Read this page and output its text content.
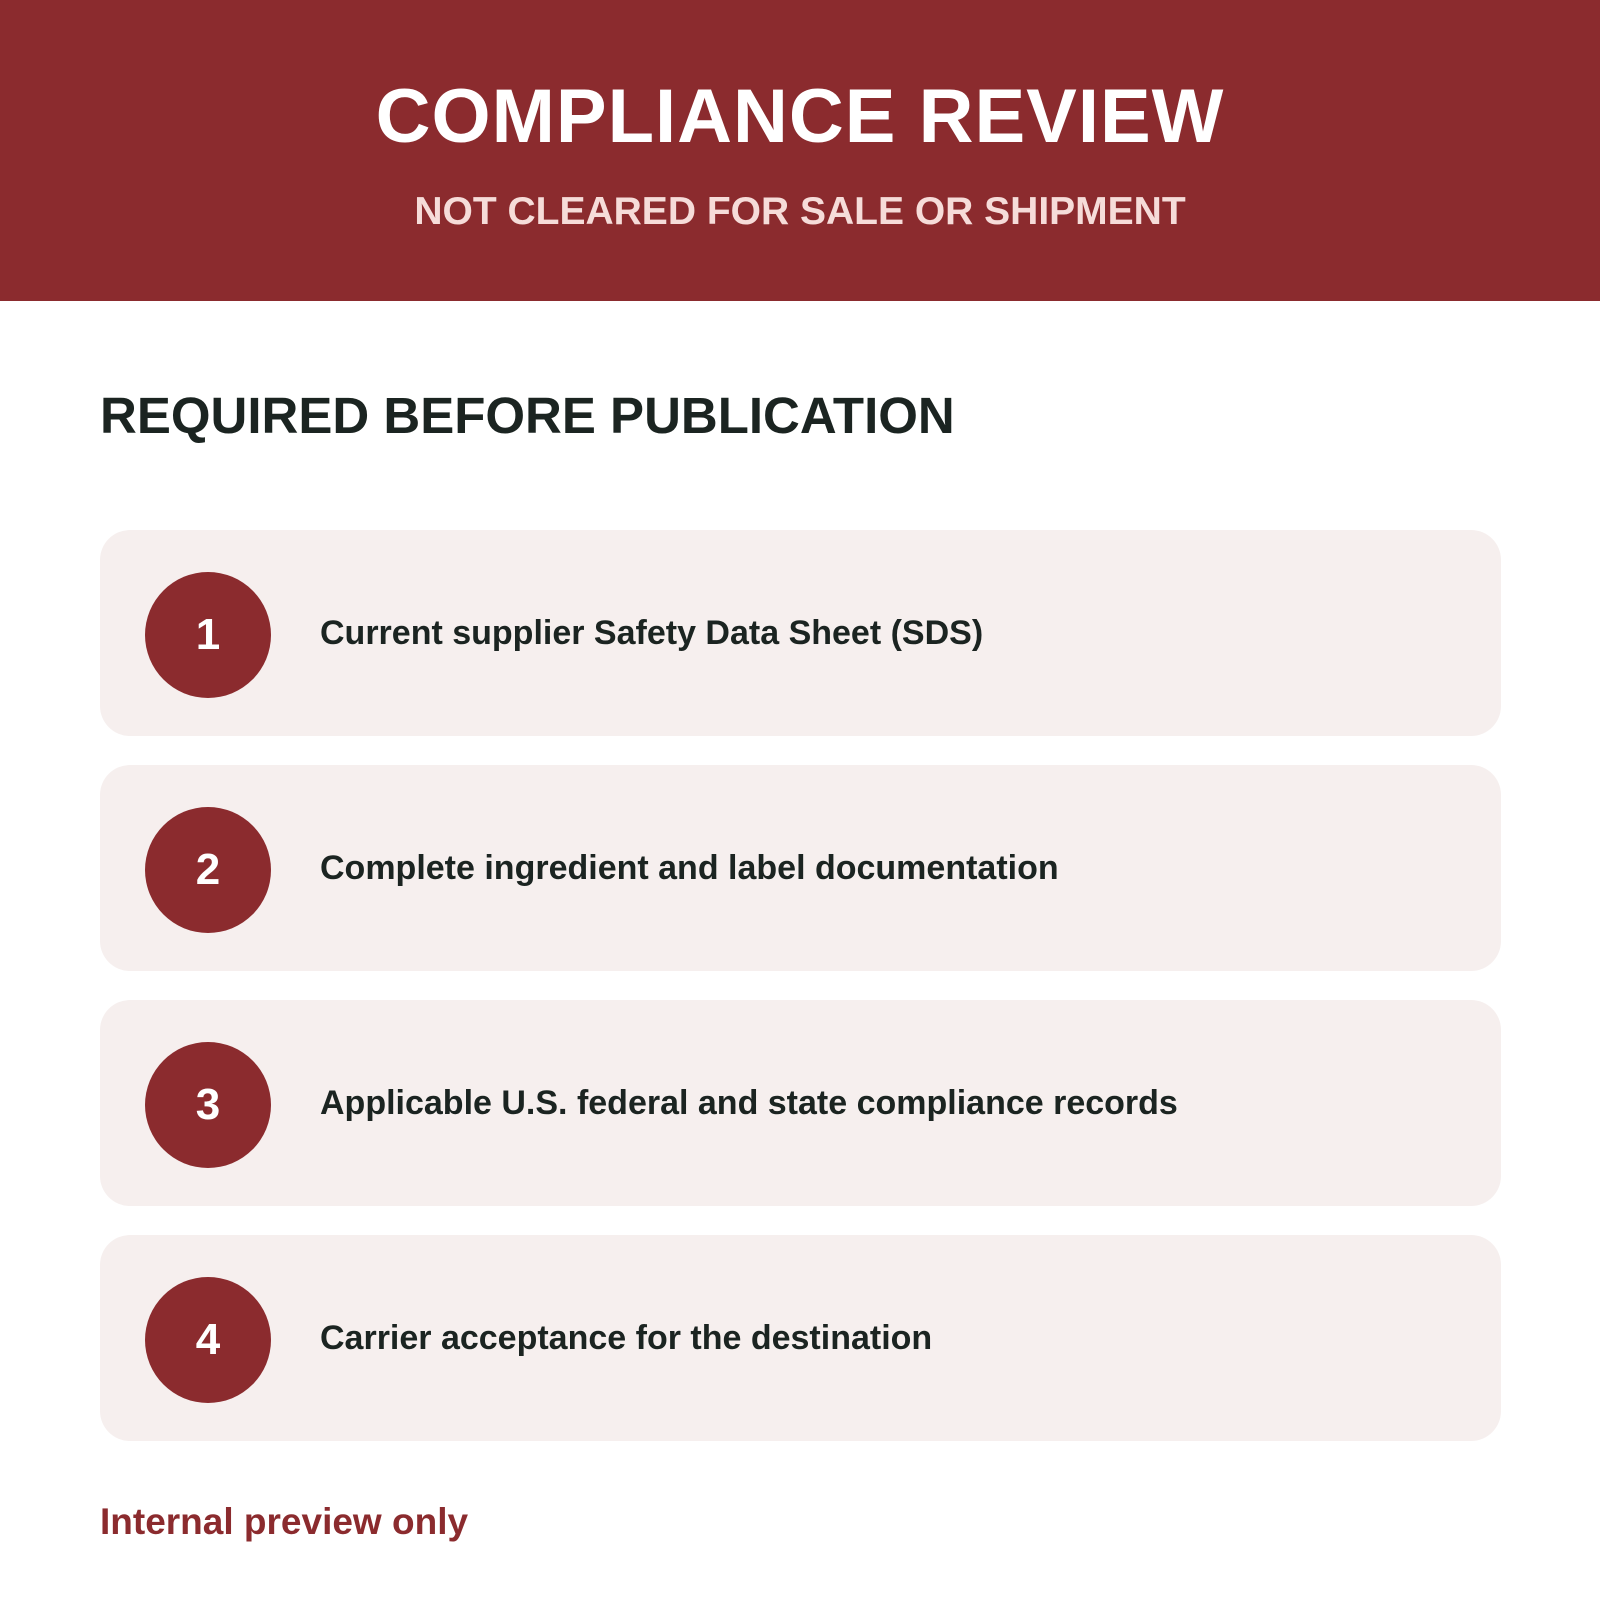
COMPLIANCE REVIEW

NOT CLEARED FOR SALE OR SHIPMENT

REQUIRED BEFORE PUBLICATION
1	Current supplier Safety Data Sheet (SDS)
2	Complete ingredient and label documentation
3	Applicable U.S. federal and state compliance records
4	Carrier acceptance for the destination

Internal preview only
